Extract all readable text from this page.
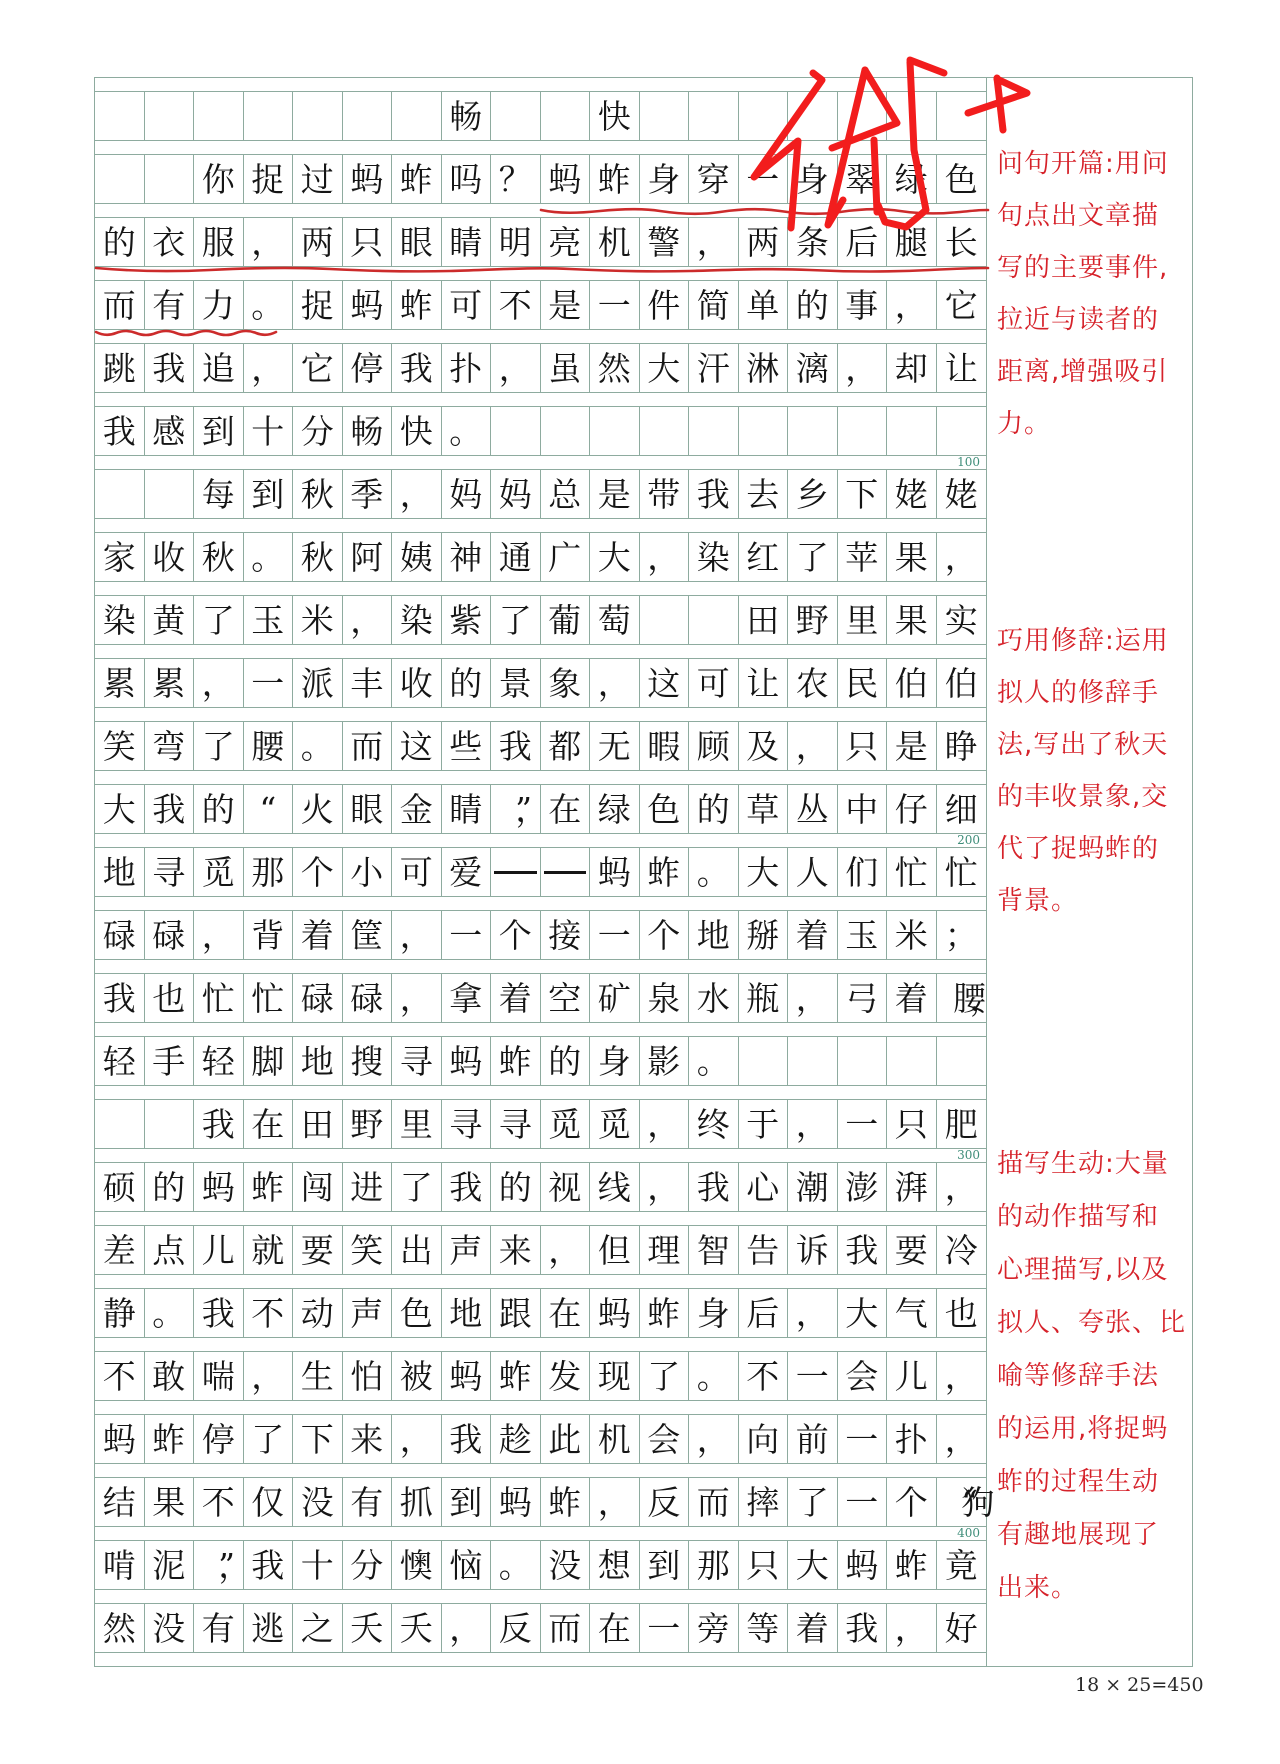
畅	快
你 捉 过 蚂 蚱 吗 ？ 蚂 蚱 身 穿 一 身 翠 绿 色
的 衣 服 ， 两 只 眼 睛 明 亮 机 警 ， 两 条 后 腿 长
而 有 力 。 捉 蚂 蚱 可 不 是 一 件 简 单 的 事 ， 它
跳 我 追 ， 它 停 我 扑 ， 虽 然 大 汗 淋 漓 ， 却 让
我 感 到 十 分 畅 快 。
100
每 到 秋 季 ， 妈 妈 总 是 带 我 去 乡 下 姥 姥
家 收 秋 。 秋 阿 姨 神 通 广 大 ， 染 红 了 苹 果 ，
染 黄 了 玉 米 ， 染 紫 了 葡 萄	田 野 里 果 实
累 累 ， 一 派 丰 收 的 景 象 ， 这 可 让 农 民 伯 伯
笑 弯 了 腰 。 而 这 些 我 都 无 暇 顾 及 ， 只 是 睁
大 我 的 “ 火 眼 金 睛 ”， 在 绿 色 的 草 丛 中 仔 细
200
地 寻 觅 那 个 小 可 爱	蚂 蚱 。 大 人 们 忙 忙
碌 碌 ， 背 着 筐 ， 一 个 接 一 个 地 掰 着 玉 米 ；
我 也 忙 忙 碌 碌 ， 拿 着 空 矿 泉 水 瓶 ， 弓 着 腰，
轻 手 轻 脚 地 搜 寻 蚂 蚱 的 身 影 。
我 在 田 野 里 寻 寻 觅 觅 ， 终 于 ， 一 只 肥
300
硕 的 蚂 蚱 闯 进 了 我 的 视 线 ， 我 心 潮 澎 湃 ，
差 点 儿 就 要 笑 出 声 来 ， 但 理 智 告 诉 我 要 冷
静 。 我 不 动 声 色 地 跟 在 蚂 蚱 身 后 ， 大 气 也
不 敢 喘 ， 生 怕 被 蚂 蚱 发 现 了 。 不 一 会 儿 ，
蚂 蚱 停 了 下 来 ， 我 趁 此 机 会 ， 向 前 一 扑 ，
结 果 不 仅 没 有 抓 到 蚂 蚱 ， 反 而 摔 了 一 个	“狗
400
啃 泥 ”， 我 十 分 懊 恼 。 没 想 到 那 只 大 蚂 蚱 竟
然 没 有 逃 之 夭 夭 ， 反 而 在 一 旁 等 着 我 ， 好
问句开篇:用问
句点出文章描
写的主要事件,
拉近与读者的
距离,增强吸引
力。
巧用修辞:运用
拟人的修辞手
法,写出了秋天
的丰收景象,交
代了捉蚂蚱的
背景。
描写生动:大量
的动作描写和
心理描写,以及
拟人、夸张、比
喻等修辞手法
的运用,将捉蚂
蚱的过程生动
有趣地展现了
出来。
18 × 25=450
